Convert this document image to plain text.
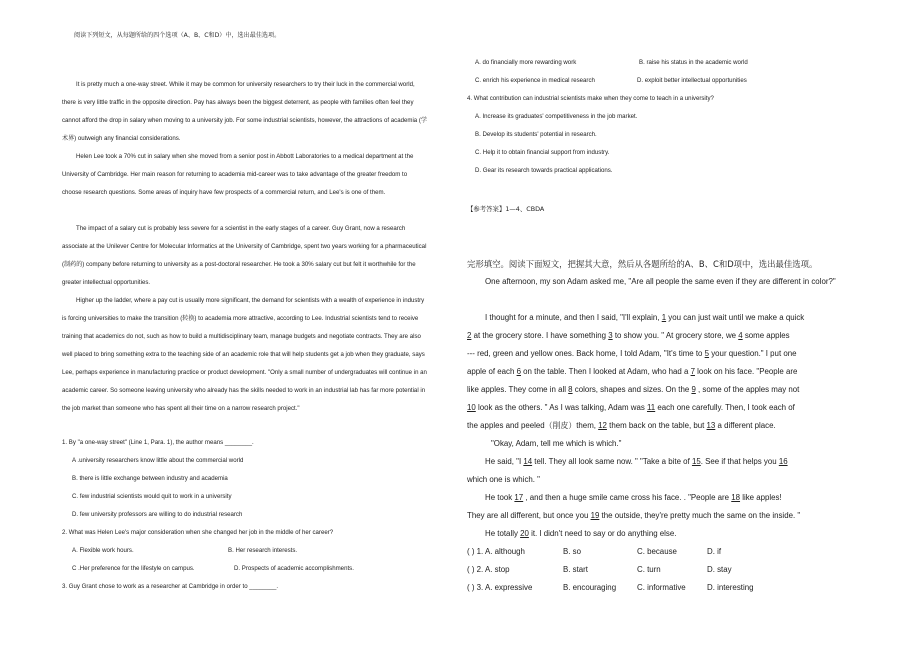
阅读下列短文，从每题所给的四个选项（A、B、C和D）中，选出最佳选项。

It is pretty much a one-way street. While it may be common for university researchers to try their luck in the commercial world, there is very little traffic in the opposite direction. Pay has always been the biggest deterrent, as people with families often feel they cannot afford the drop in salary when moving to a university job. For some industrial scientists, however, the attractions of academia (学术界) outweigh any financial considerations.

Helen Lee took a 70% cut in salary when she moved from a senior post in Abbott Laboratories to a medical department at the University of Cambridge. Her main reason for returning to academia mid-career was to take advantage of the greater freedom to choose research questions. Some areas of inquiry have few prospects of a commercial return, and Lee's is one of them.

The impact of a salary cut is probably less severe for a scientist in the early stages of a career. Guy Grant, now a research associate at the Unilever Centre for Molecular Informatics at the University of Cambridge, spent two years working for a pharmaceutical (制药的) company before returning to university as a post-doctoral researcher. He took a 30% salary cut but felt it worthwhile for the greater intellectual opportunities.

Higher up the ladder, where a pay cut is usually more significant, the demand for scientists with a wealth of experience in industry is forcing universities to make the transition (转换) to academia more attractive, according to Lee. Industrial scientists tend to receive training that academics do not, such as how to build a multidisciplinary team, manage budgets and negotiate contracts. They are also well placed to bring something extra to the teaching side of an academic role that will help students get a job when they graduate, says Lee, perhaps experience in manufacturing practice or product development. "Only a small number of undergraduates will continue in an academic career. So someone leaving university who already has the skills needed to work in an industrial lab has far more potential in the job market than someone who has spent all their time on a narrow research project."

1. By "a one-way street" (Line 1, Para. 1), the author means ________.
A .university researchers know little about the commercial world
B. there is little exchange between industry and academia
C. few industrial scientists would quit to work in a university
D. few university professors are willing to do industrial research
2. What was Helen Lee's major consideration when she changed her job in the middle of her career?
A. Flexible work hours.	B. Her research interests.
C .Her preference for the lifestyle on campus.	D. Prospects of academic accomplishments.
3. Guy Grant chose to work as a researcher at Cambridge in order to ________.
A. do financially more rewarding work	B. raise his status in the academic world
C. enrich his experience in medical research	D. exploit better intellectual opportunities
4. What contribution can industrial scientists make when they come to teach in a university?
A. Increase its graduates' competitiveness in the job market.
B. Develop its students' potential in research.
C. Help it to obtain financial support from industry.
D. Gear its research towards practical applications.
【参考答案】1—4、CBDA
完形填空。阅读下面短文，把握其大意，然后从各题所给的A、B、C和D项中，选出最佳选项。
One afternoon, my son Adam asked me, "Are all people the same even if they are different in color?"
I thought for a minute, and then I said, "I'll explain, 1 you can just wait until we make a quick
2 at the grocery store. I have something 3 to show you. " At grocery store, we 4 some apples
--- red, green and yellow ones. Back home, I told Adam, "It's time to 5 your question." I put one
apple of each 6 on the table. Then I looked at Adam, who had a 7 look on his face. "People are
like apples. They come in all 8 colors, shapes and sizes. On the 9 , some of the apples may not
10 look as the others. " As I was talking, Adam was 11 each one carefully. Then, I took each of
the apples and peeled（削皮）them, 12 them back on the table, but 13 a different place.
"Okay, Adam, tell me which is which."
He said, "I 14 tell. They all look same now. " "Take a bite of 15. See if that helps you 16
which one is which. "
He took 17 , and then a huge smile came cross his face. . "People are 18 like apples!
They are all different, but once you 19 the outside, they're pretty much the same on the inside. "
He totally 20 it. I didn't need to say or do anything else.
( ) 1. A. although	B. so	C. because	D. if
( ) 2. A. stop	B. start	C. turn	D. stay
( ) 3. A. expressive	B. encouraging	C. informative	D. interesting
